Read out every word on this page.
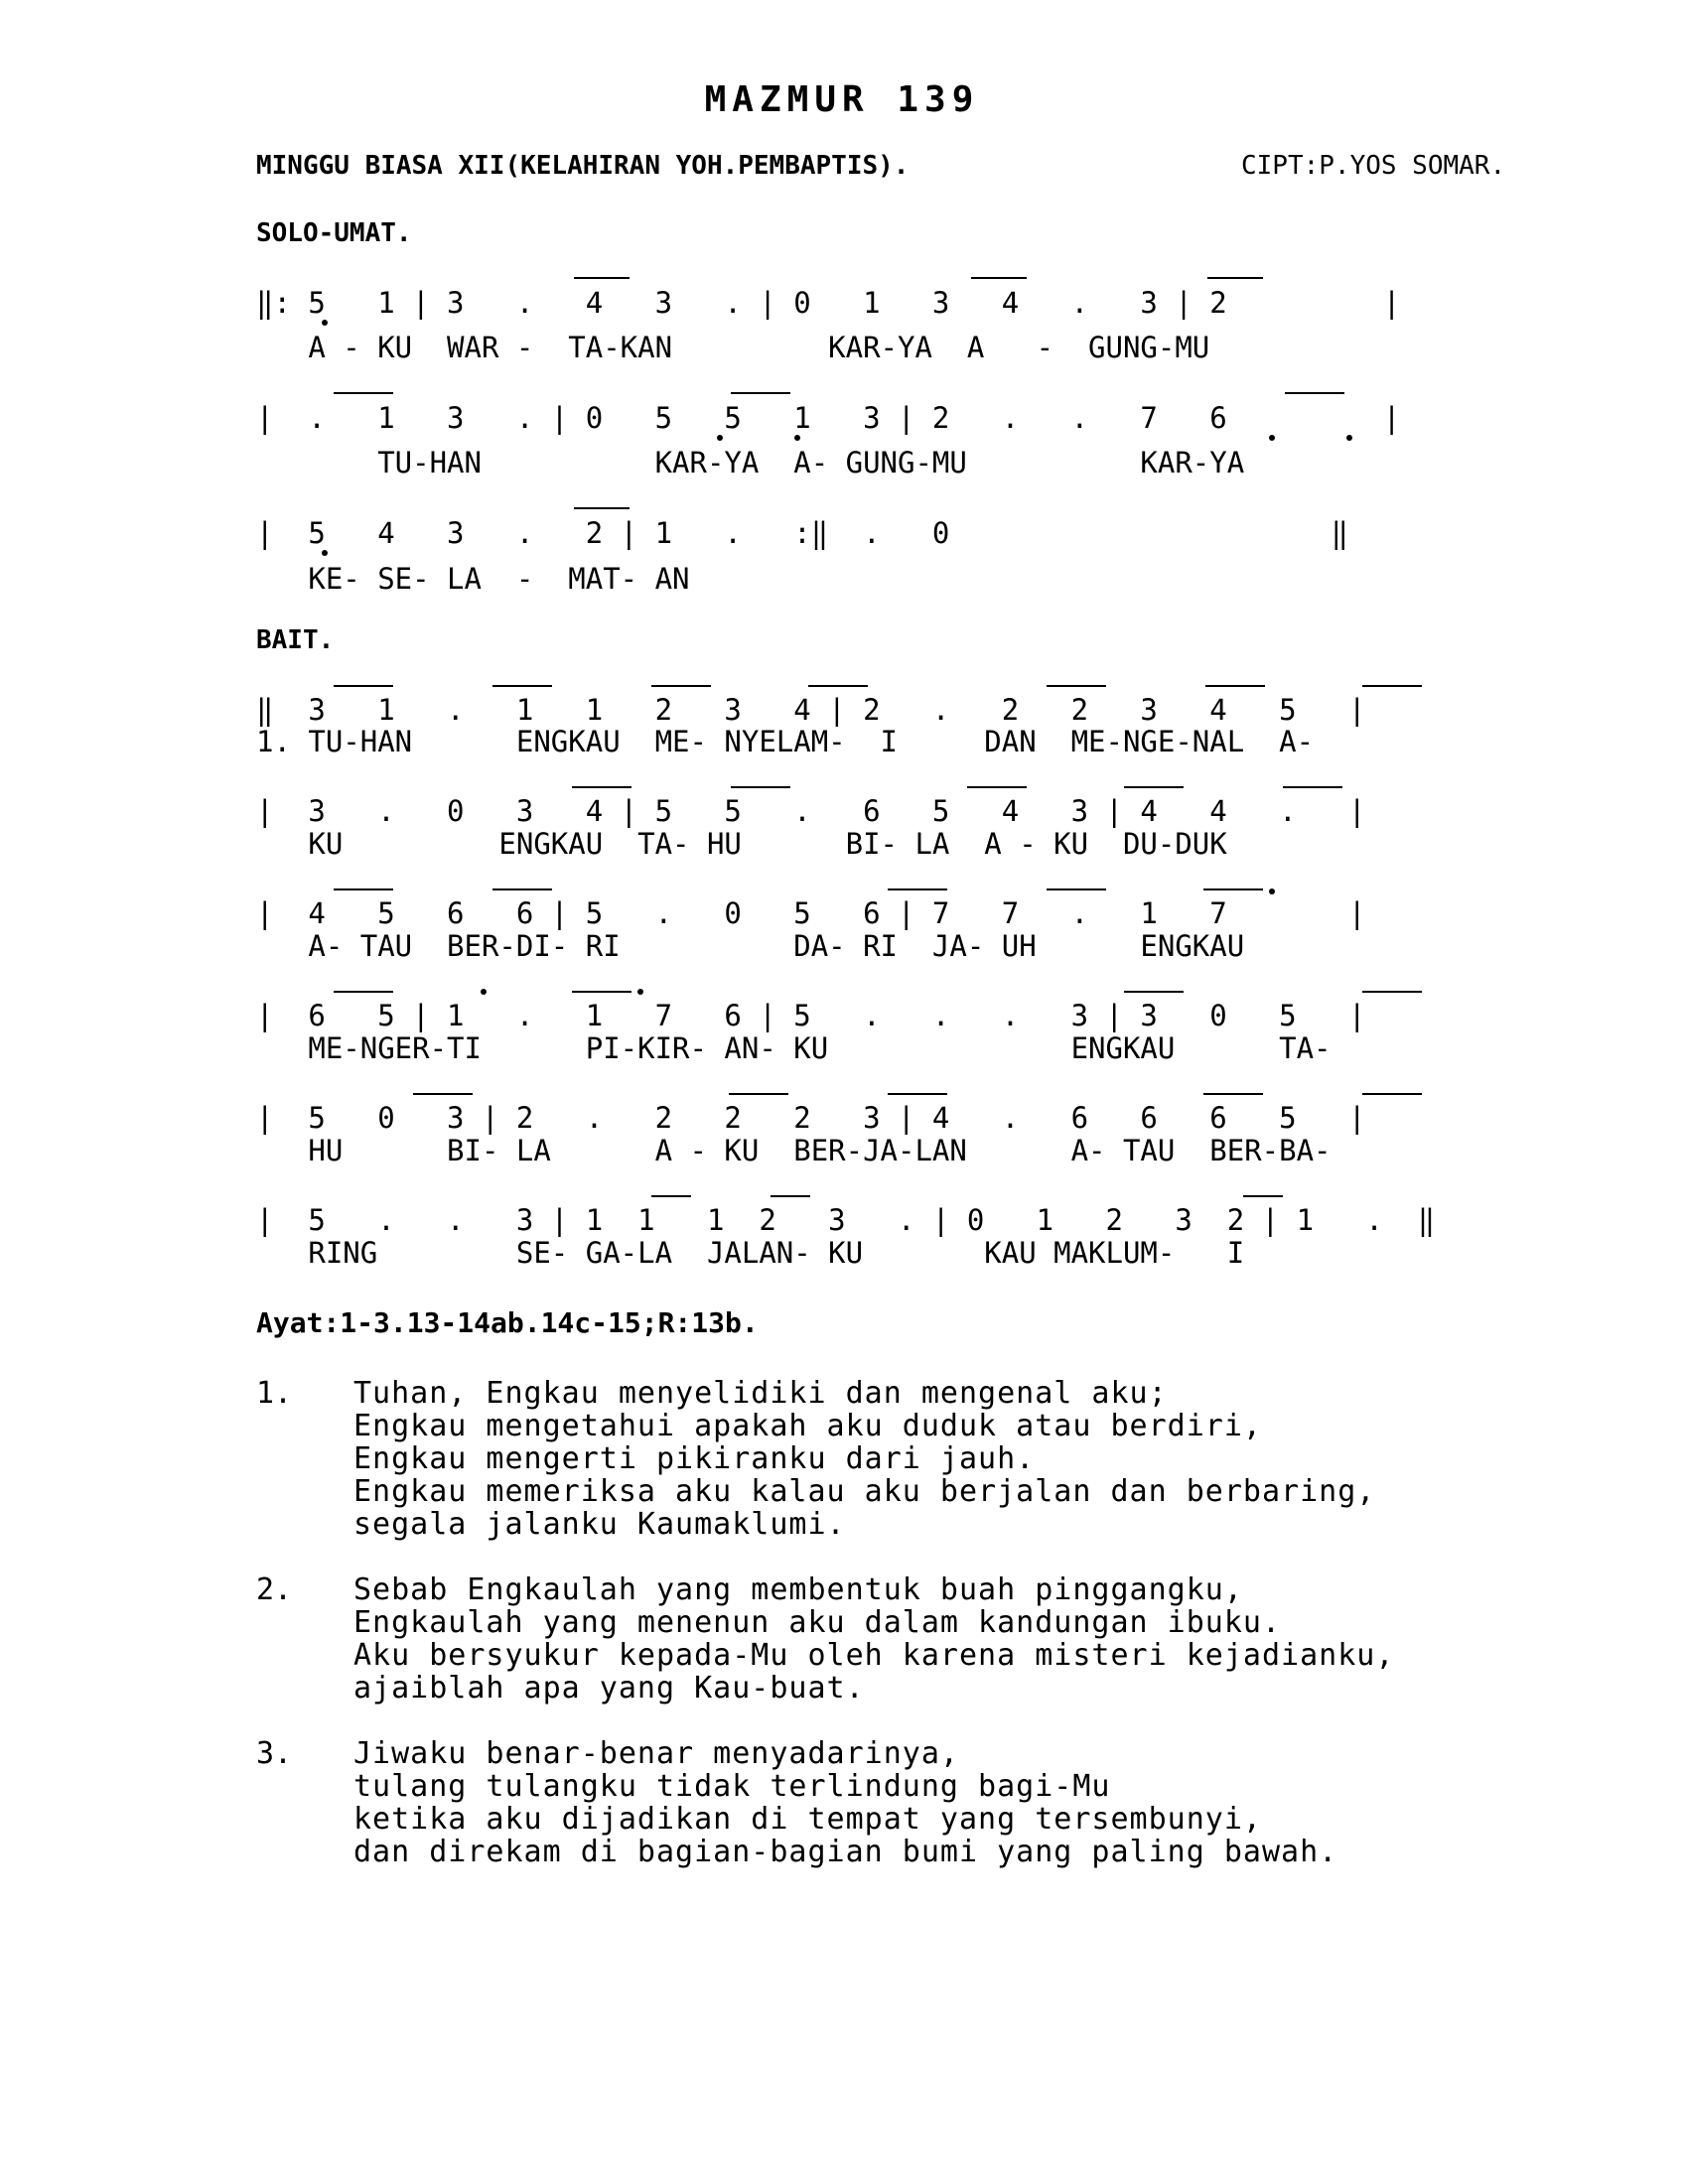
MAZMUR 139
MINGGU BIASA XII(KELAHIRAN YOH.PEMBAPTIS).	CIPT:P.YOS SOMAR.
SOLO-UMAT.
‖: 5   1 | 3   .   4   3   . | 0   1   3   4   .   3 | 2         |
A - KU  WAR -  TA-KAN         KAR-YA  A   -  GUNG-MU
|  .   1   3   . | 0   5   5   1   3 | 2   .   .   7   6         |
TU-HAN          KAR-YA  A- GUNG-MU          KAR-YA
|  5   4   3   .   2 | 1   .   :‖  .   0                      ‖
KE- SE- LA  -  MAT- AN
BAIT.
‖  3   1   .   1   1   2   3   4 | 2   .   2   2   3   4   5   |
1. TU-HAN      ENGKAU  ME- NYELAM-  I     DAN  ME-NGE-NAL  A-
|  3   .   0   3   4 | 5   5   .   6   5   4   3 | 4   4   .   |
KU         ENGKAU  TA- HU      BI- LA  A - KU  DU-DUK
|  4   5   6   6 | 5   .   0   5   6 | 7   7   .   1   7       |
A- TAU  BER-DI- RI          DA- RI  JA- UH      ENGKAU
|  6   5 | 1   .   1   7   6 | 5   .   .   .   3 | 3   0   5   |
ME-NGER-TI      PI-KIR- AN- KU              ENGKAU      TA-
|  5   0   3 | 2   .   2   2   2   3 | 4   .   6   6   6   5   |
HU      BI- LA      A - KU  BER-JA-LAN      A- TAU  BER-BA-
|  5   .   .   3 | 1  1   1  2   3   . | 0   1   2   3  2 | 1   .  ‖
RING        SE- GA-LA  JALAN- KU       KAU MAKLUM-   I
Ayat:1-3.13-14ab.14c-15;R:13b.
1. Tuhan, Engkau menyelidiki dan mengenal aku;
Engkau mengetahui apakah aku duduk atau berdiri,
Engkau mengerti pikiranku dari jauh.
Engkau memeriksa aku kalau aku berjalan dan berbaring,
segala jalanku Kaumaklumi.
2. Sebab Engkaulah yang membentuk buah pinggangku,
Engkaulah yang menenun aku dalam kandungan ibuku.
Aku bersyukur kepada-Mu oleh karena misteri kejadianku,
ajaiblah apa yang Kau-buat.
3. Jiwaku benar-benar menyadarinya,
tulang tulangku tidak terlindung bagi-Mu
ketika aku dijadikan di tempat yang tersembunyi,
dan direkam di bagian-bagian bumi yang paling bawah.
